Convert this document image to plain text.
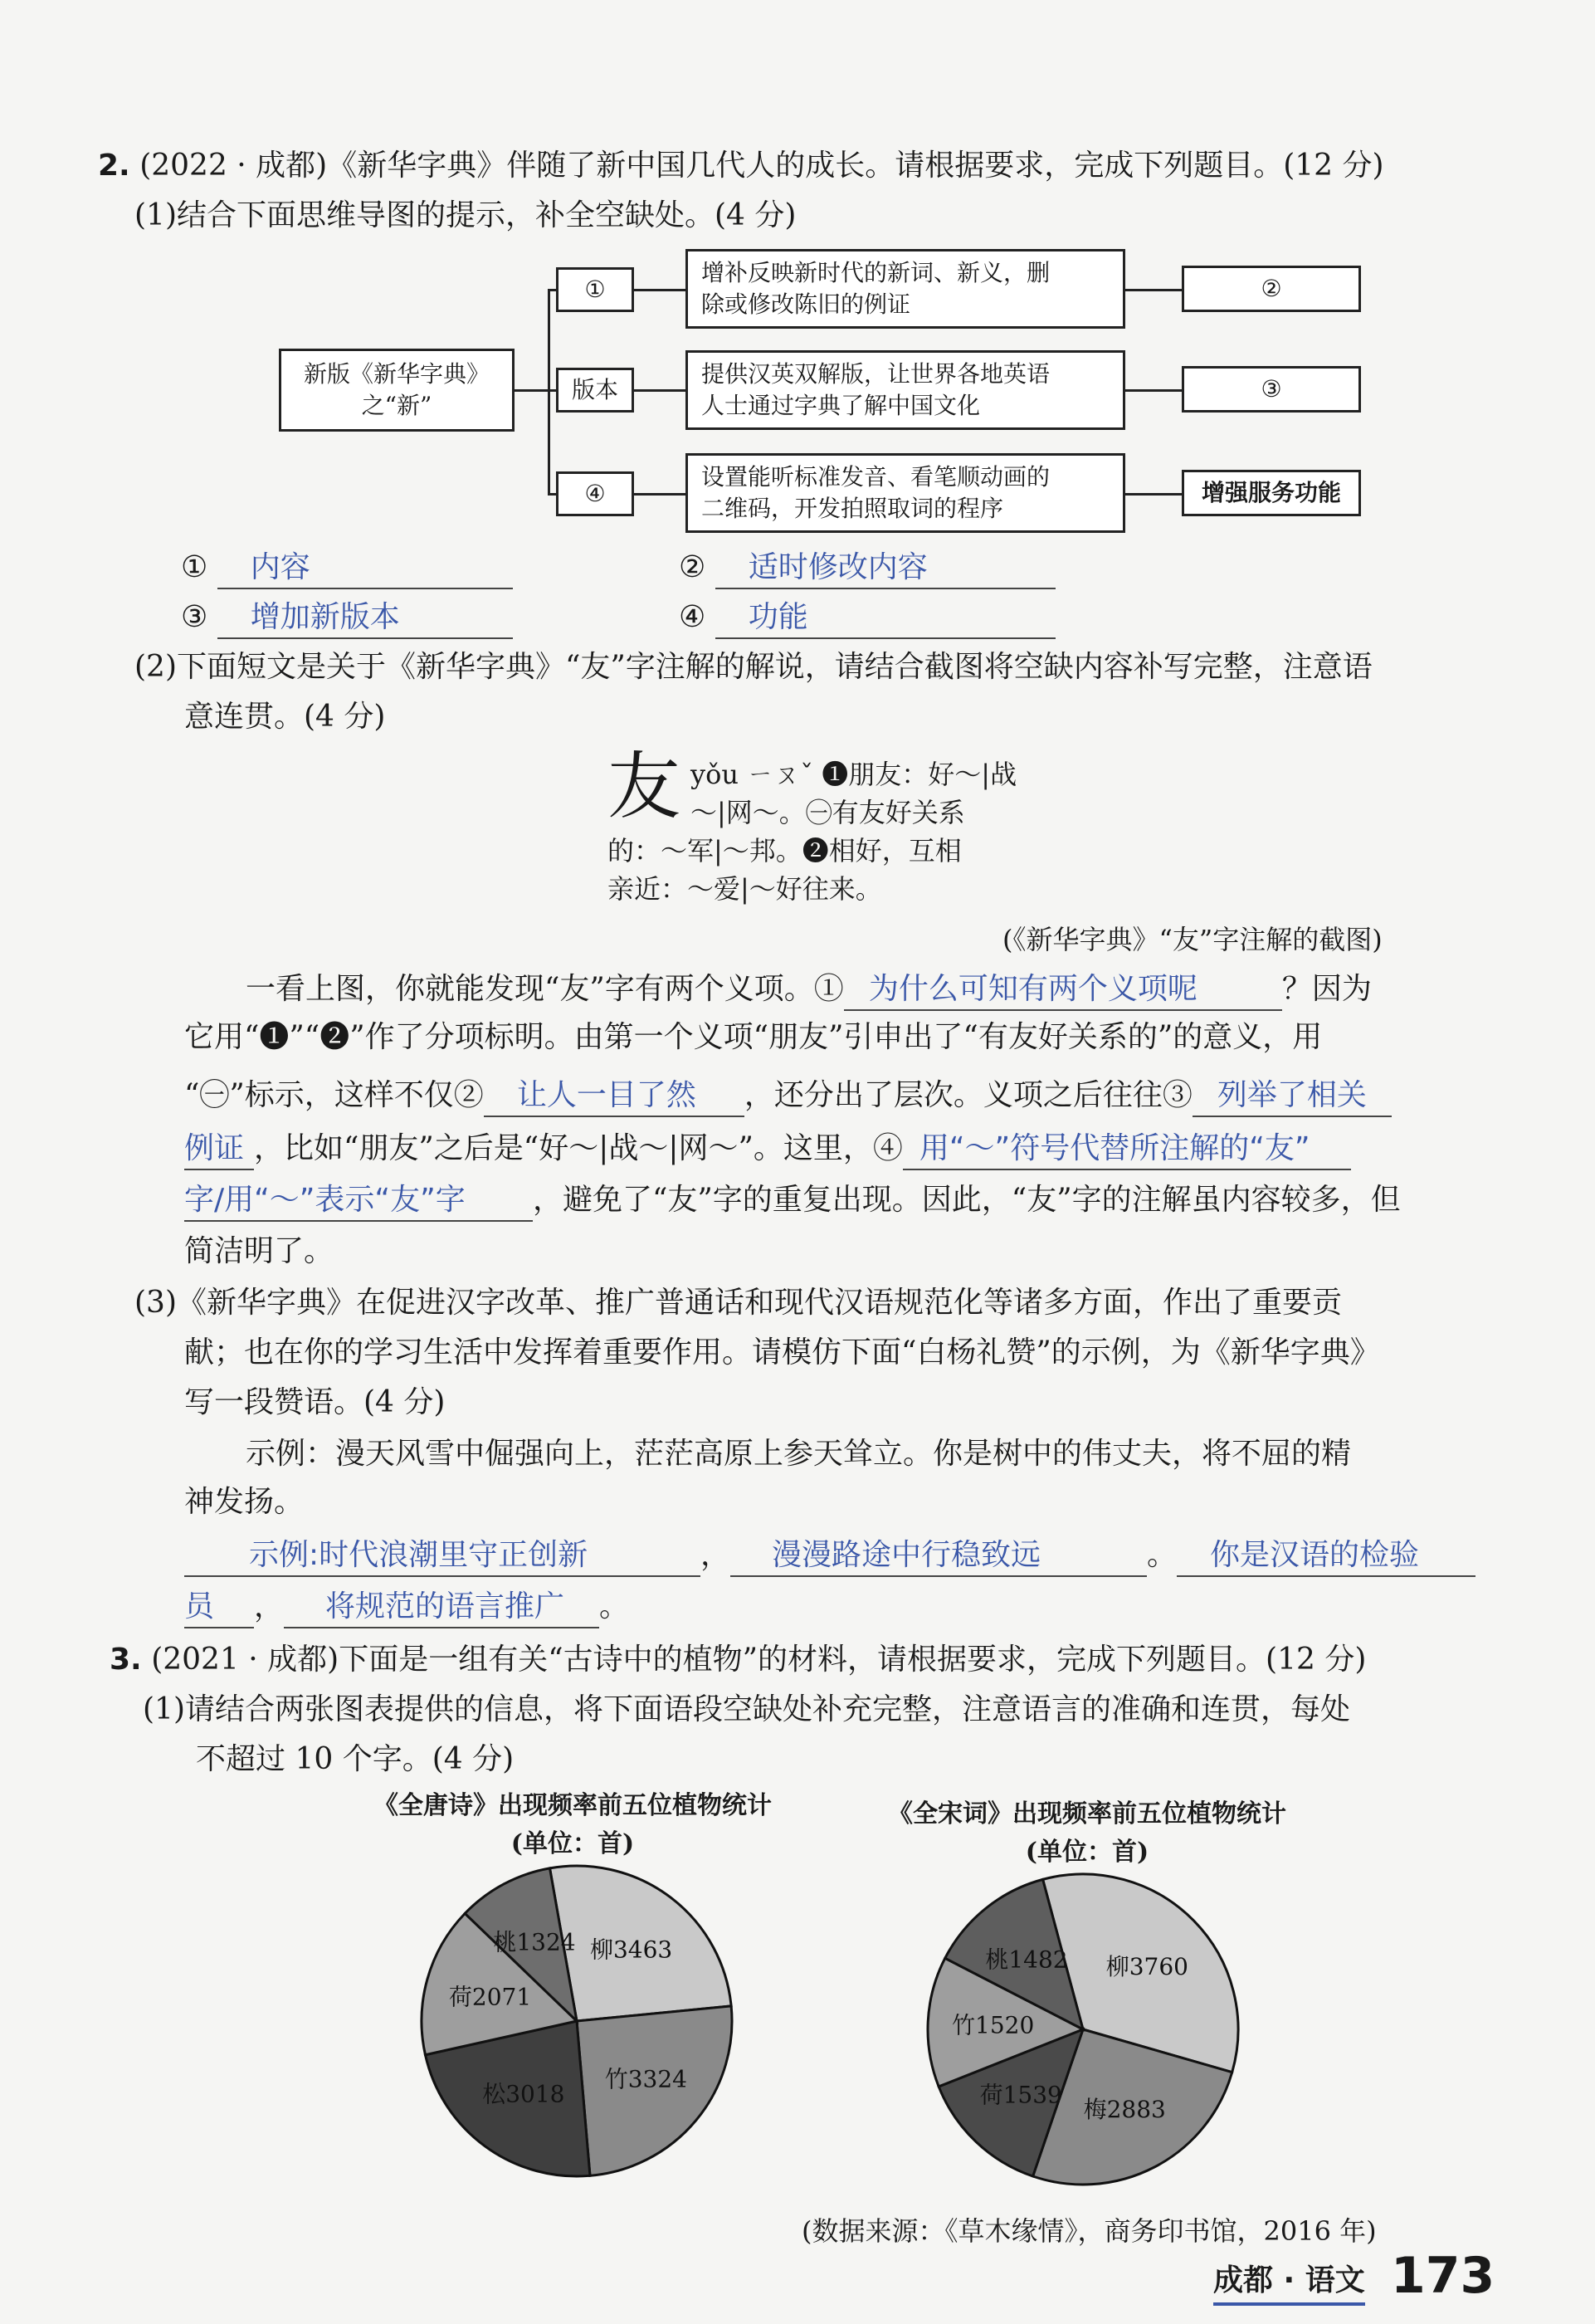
2. (2022 · 成都)《新华字典》伴随了新中国几代人的成长。请根据要求，完成下列题目。(12 分)
(1)结合下面思维导图的提示，补全空缺处。(4 分)
新版《新华字典》
之“新”
①
版本
④
增补反映新时代的新词、新义，删
除或修改陈旧的例证
提供汉英双解版，让世界各地英语
人士通过字典了解中国文化
设置能听标准发音、看笔顺动画的
二维码，开发拍照取词的程序
②
③
增强服务功能
① 内容	② 适时修改内容
③ 增加新版本	④ 功能
(2)下面短文是关于《新华字典》“友”字注解的解说，请结合截图将空缺内容补写完整，注意语
意连贯。(4 分)
友 yǒu ㄧㄡˇ ❶朋友：好～|战
～|网～。㊀有友好关系
的：～军|～邦。❷相好，互相
亲近：～爱|～好往来。
(《新华字典》“友”字注解的截图)
一看上图，你就能发现“友”字有两个义项。① 为什么可知有两个义项呢	？因为
它用“❶”“❷”作了分项标明。由第一个义项“朋友”引申出了“有友好关系的”的意义，用
“㊀”标示，这样不仅② 让人一目了然 ，还分出了层次。义项之后往往③ 列举了相关
例证 ，比如“朋友”之后是“好～|战～|网～”。这里，④ 用“～”符号代替所注解的“友”
字/用“～”表示“友”字 ，避免了“友”字的重复出现。因此，“友”字的注解虽内容较多，但
简洁明了。
(3)《新华字典》在促进汉字改革、推广普通话和现代汉语规范化等诸多方面，作出了重要贡
献；也在你的学习生活中发挥着重要作用。请模仿下面“白杨礼赞”的示例，为《新华字典》
写一段赞语。(4 分)
示例：漫天风雪中倔强向上，茫茫高原上参天耸立。你是树中的伟丈夫，将不屈的精
神发扬。
示例:时代浪潮里守正创新	， 漫漫路途中行稳致远	。 你是汉语的检验
员 ， 将规范的语言推广 。
3. (2021 · 成都)下面是一组有关“古诗中的植物”的材料，请根据要求，完成下列题目。(12 分)
(1)请结合两张图表提供的信息，将下面语段空缺处补充完整，注意语言的准确和连贯，每处
不超过 10 个字。(4 分)
《全唐诗》出现频率前五位植物统计
(单位：首)
《全宋词》出现频率前五位植物统计
(单位：首)
柳3463
竹3324
松3018
荷2071
桃1324
柳3760
梅2883
荷1539
竹1520
桃1482
(数据来源：《草木缘情》，商务印书馆，2016 年)
成都 · 语文 173
